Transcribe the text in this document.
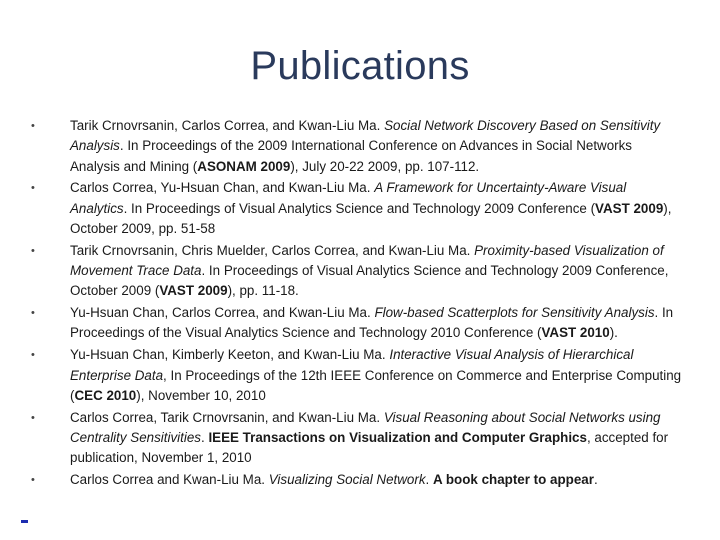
Publications
•	Tarik Crnovrsanin, Carlos Correa, and Kwan-Liu Ma. Social Network Discovery Based on Sensitivity Analysis. In Proceedings of the 2009 International Conference on Advances in Social Networks Analysis and Mining (ASONAM 2009), July 20-22 2009, pp. 107-112.
•	Carlos Correa, Yu-Hsuan Chan, and Kwan-Liu Ma. A Framework for Uncertainty-Aware Visual Analytics. In Proceedings of Visual Analytics Science and Technology 2009 Conference (VAST 2009), October 2009, pp. 51-58
•	Tarik Crnovrsanin, Chris Muelder, Carlos Correa, and Kwan-Liu Ma. Proximity-based Visualization of Movement Trace Data. In Proceedings of Visual Analytics Science and Technology 2009 Conference, October 2009 (VAST 2009), pp. 11-18.
•	Yu-Hsuan Chan, Carlos Correa, and Kwan-Liu Ma. Flow-based Scatterplots for Sensitivity Analysis. In Proceedings of the Visual Analytics Science and Technology 2010 Conference (VAST 2010).
•	Yu-Hsuan Chan, Kimberly Keeton, and Kwan-Liu Ma. Interactive Visual Analysis of Hierarchical Enterprise Data, In Proceedings of the 12th IEEE Conference on Commerce and Enterprise Computing (CEC 2010), November 10, 2010
•	Carlos Correa, Tarik Crnovrsanin, and Kwan-Liu Ma. Visual Reasoning about Social Networks using Centrality Sensitivities. IEEE Transactions on Visualization and Computer Graphics, accepted for publication, November 1, 2010
•	Carlos Correa and Kwan-Liu Ma. Visualizing Social Network. A book chapter to appear.
